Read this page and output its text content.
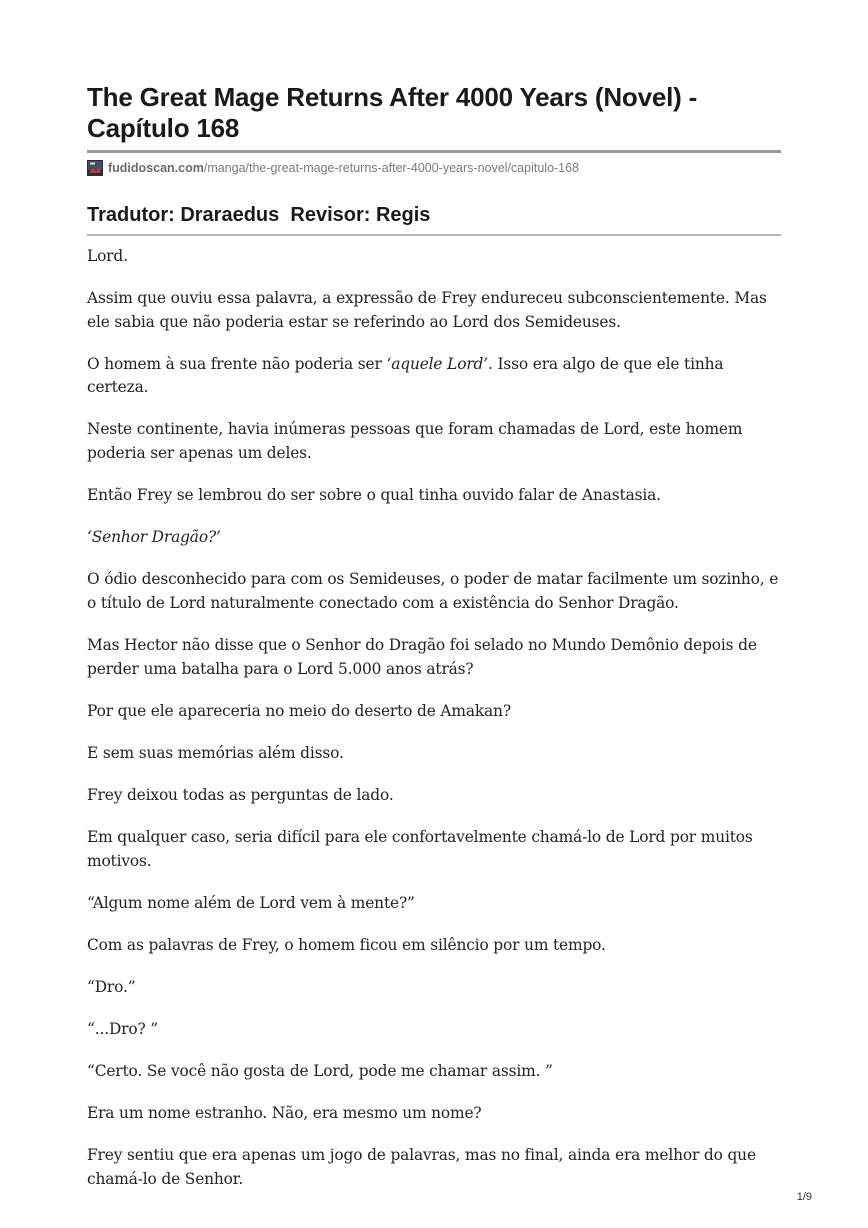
The Great Mage Returns After 4000 Years (Novel) - Capítulo 168
fudidoscan.com /manga/the-great-mage-returns-after-4000-years-novel/capitulo-168
Tradutor: Draraedus  Revisor: Regis

Lord.

Assim que ouviu essa palavra, a expressão de Frey endureceu subconscientemente. Mas ele sabia que não poderia estar se referindo ao Lord dos Semideuses.

O homem à sua frente não poderia ser ‘aquele Lord’. Isso era algo de que ele tinha certeza.

Neste continente, havia inúmeras pessoas que foram chamadas de Lord, este homem poderia ser apenas um deles.

Então Frey se lembrou do ser sobre o qual tinha ouvido falar de Anastasia.

‘Senhor Dragão?’

O ódio desconhecido para com os Semideuses, o poder de matar facilmente um sozinho, e o título de Lord naturalmente conectado com a existência do Senhor Dragão.

Mas Hector não disse que o Senhor do Dragão foi selado no Mundo Demônio depois de perder uma batalha para o Lord 5.000 anos atrás?

Por que ele apareceria no meio do deserto de Amakan?

E sem suas memórias além disso.

Frey deixou todas as perguntas de lado.

Em qualquer caso, seria difícil para ele confortavelmente chamá-lo de Lord por muitos motivos.

“Algum nome além de Lord vem à mente?”

Com as palavras de Frey, o homem ficou em silêncio por um tempo.

“Dro.”

“...Dro? ”

“Certo. Se você não gosta de Lord, pode me chamar assim. ”

Era um nome estranho. Não, era mesmo um nome?

Frey sentiu que era apenas um jogo de palavras, mas no final, ainda era melhor do que chamá-lo de Senhor.

1/9
